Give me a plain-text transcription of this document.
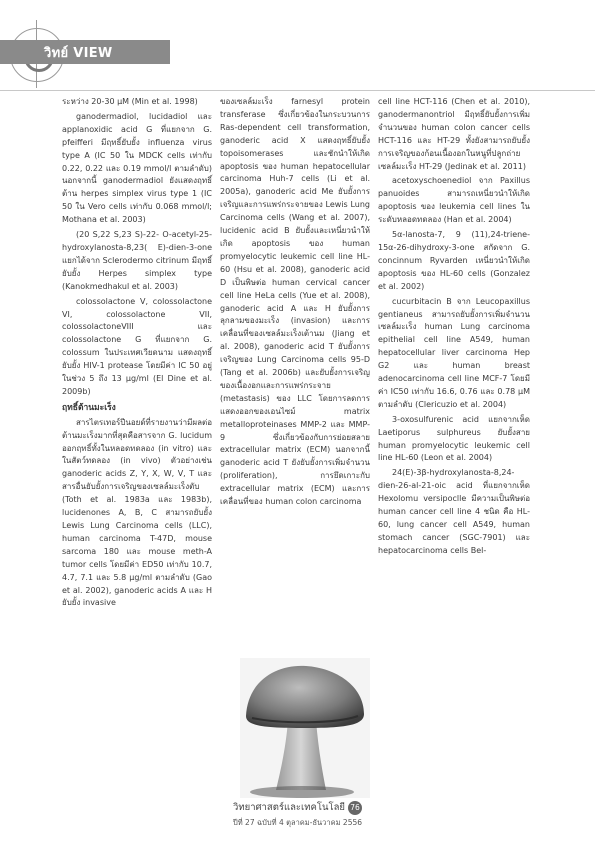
วิทย์ VIEW

ระหว่าง 20-30 μM (Min et al. 1998)

ganodermadiol, lucidadiol และ applanoxidic acid G ที่แยกจาก G. pfeifferi มีฤทธิ์ยับยั้ง influenza virus type A (IC 50 ใน MDCK cells เท่ากับ 0.22, 0.22 และ 0.19 mmol/l ตามลำดับ) นอกจากนี้ ganodermadiol ยังแสดงฤทธิ์ต้าน herpes simplex virus type 1 (IC 50 ใน Vero cells เท่ากับ 0.068 mmol/l; Mothana et al. 2003)

(20 S,22 S,23 S)-22- O-acetyl-25-hydroxylanosta-8,23( E)-dien-3-one แยกได้จาก Sclerodermo citrinum มีฤทธิ์ยับยั้ง Herpes simplex type (Kanokmedhakul et al. 2003)

colossolactone V, colossolactone VI, colossolactone VII, colossolactoneVIII และ colossolactone G ที่แยกจาก G. colossum ในประเทศเวียดนาม แสดงฤทธิ์ยับยั้ง HIV-1 protease โดยมีค่า IC 50 อยู่ในช่วง 5 ถึง 13 μg/ml (El Dine et al. 2009b)

ฤทธิ์ต้านมะเร็ง

สารไตรเทอร์ปีนอยด์ที่รายงานว่ามีผลต่อต้านมะเร็งมากที่สุดคือสารจาก G. lucidum ออกฤทธิ์ทั้งในหลอดทดลอง (in vitro) และในสัตว์ทดลอง (in vivo) ตัวอย่างเช่น ganoderic acids Z, Y, X, W, V, T และสารอื่นยับยั้งการเจริญของเซลล์มะเร็งตับ (Toth et al. 1983a และ 1983b), lucidenones A, B, C สามารถยับยั้ง Lewis Lung Carcinoma cells (LLC), human carcinoma T-47D, mouse sarcoma 180 และ mouse meth-A tumor cells โดยมีค่า ED50 เท่ากับ 10.7, 4.7, 7.1 และ 5.8 μg/ml ตามลำดับ (Gao et al. 2002), ganoderic acids A และ H ยับยั้ง invasive

ของเซลล์มะเร็ง farnesyl protein transferase ซึ่งเกี่ยวข้องในกระบวนการ Ras-dependent cell transformation, ganoderic acid X แสดงฤทธิ์ยับยั้ง topoisomerases และชักนำให้เกิด apoptosis ของ human hepatocellular carcinoma Huh-7 cells (Li et al. 2005a), ganoderic acid Me ยับยั้งการเจริญและการแพร่กระจายของ Lewis Lung Carcinoma cells (Wang et al. 2007), lucidenic acid B ยับยั้งและเหนี่ยวนำให้เกิด apoptosis ของ human promyelocytic leukemic cell line HL-60 (Hsu et al. 2008), ganoderic acid D เป็นพิษต่อ human cervical cancer cell line HeLa cells (Yue et al. 2008), ganoderic acid A และ H ยับยั้งการลุกลามของมะเร็ง (invasion) และการเคลื่อนที่ของเซลล์มะเร็งเต้านม (Jiang et al. 2008), ganoderic acid T ยับยั้งการเจริญของ Lung Carcinoma cells 95-D (Tang et al. 2006b) และยับยั้งการเจริญของเนื้องอกและการแพร่กระจาย (metastasis) ของ LLC โดยการลดการแสดงออกของเอนไซม์ matrix metalloproteinases MMP-2 และ MMP-9 ซึ่งเกี่ยวข้องกับการย่อยสลาย extracellular matrix (ECM) นอกจากนี้ ganoderic acid T ยังยับยั้งการเพิ่มจำนวน (proliferation), การยึดเกาะกับ extracellular matrix (ECM) และการเคลื่อนที่ของ human colon carcinoma

cell line HCT-116 (Chen et al. 2010), ganodermanontriol มีฤทธิ์ยับยั้งการเพิ่มจำนวนของ human colon cancer cells HCT-116 และ HT-29 ทั้งยังสามารถยับยั้งการเจริญของก้อนเนื้องอกในหนูที่ปลูกถ่ายเซลล์มะเร็ง HT-29 (Jedinak et al. 2011)

acetoxyschoenediol จาก Paxillus panuoides สามารถเหนี่ยวนำให้เกิด apoptosis ของ leukemia cell lines ในระดับหลอดทดลอง (Han et al. 2004)

5α-lanosta-7, 9 (11),24-triene-15α-26-dihydroxy-3-one สกัดจาก G. concinnum Ryvarden เหนี่ยวนำให้เกิด apoptosis ของ HL-60 cells (Gonzalez et al. 2002)

cucurbitacin B จาก Leucopaxillus gentianeus สามารถยับยั้งการเพิ่มจำนวนเซลล์มะเร็ง human Lung carcinoma epithelial cell line A549, human hepatocellular liver carcinoma Hep G2 และ human breast adenocarcinoma cell line MCF-7 โดยมีค่า IC50 เท่ากับ 16.6, 0.76 และ 0.78 μM ตามลำดับ (Clericuzio et al. 2004)

3-oxosulfurenic acid แยกจากเห็ด Laetiporus sulphureus ยับยั้งสาย human promyelocytic leukemic cell line HL-60 (Leon et al. 2004)

24(E)-3β-hydroxylanosta-8,24-dien-26-al-21-oic acid ที่แยกจากเห็ด Hexolomu versipoclle มีความเป็นพิษต่อ human cancer cell line 4 ชนิด คือ HL-60, lung cancer cell A549, human stomach cancer (SGC-7901) และ hepatocarcinoma cells Bel-

วิทยาศาสตร์และเทคโนโลยี 76
ปีที่ 27 ฉบับที่ 4 ตุลาคม-ธันวาคม 2556
